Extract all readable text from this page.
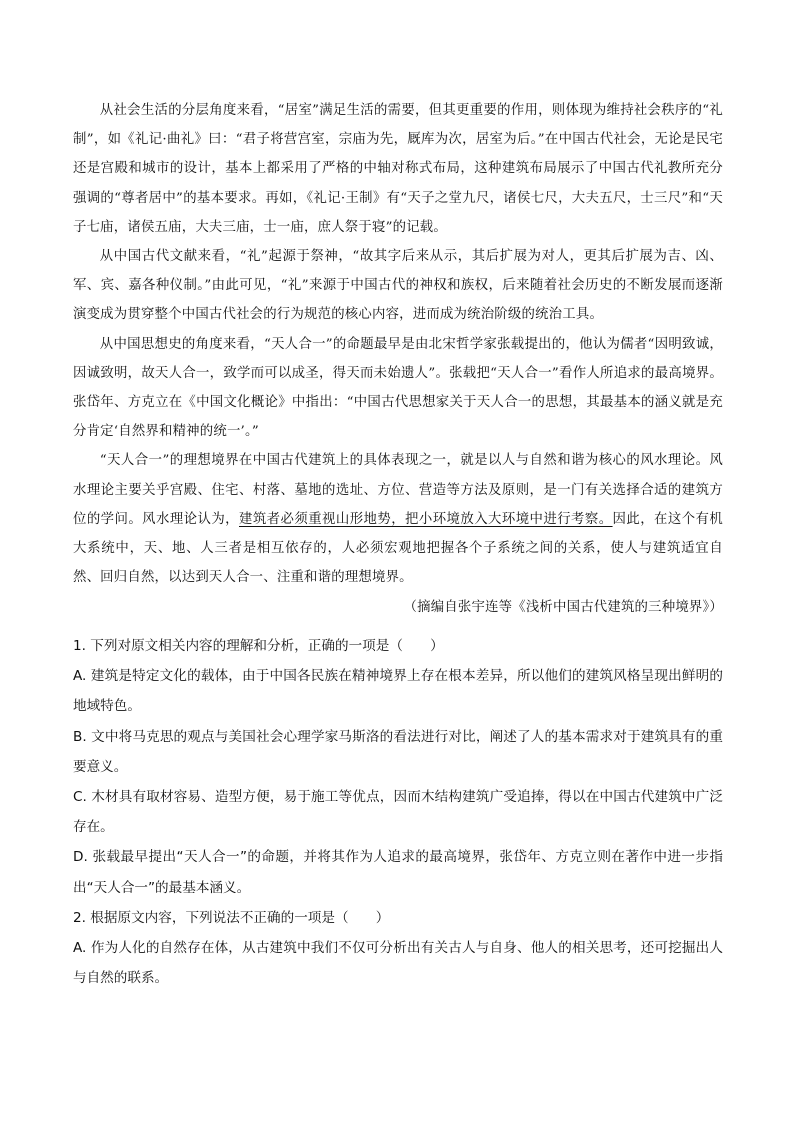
从社会生活的分层角度来看，“居室”满足生活的需要，但其更重要的作用，则体现为维持社会秩序的“礼制”，如《礼记·曲礼》曰：“君子将营宫室，宗庙为先，厩库为次，居室为后。”在中国古代社会，无论是民宅还是宫殿和城市的设计，基本上都采用了严格的中轴对称式布局，这种建筑布局展示了中国古代礼教所充分强调的“尊者居中”的基本要求。再如，《礼记·王制》有“天子之堂九尺，诸侯七尺，大夫五尺，士三尺”和“天子七庙，诸侯五庙，大夫三庙，士一庙，庶人祭于寝”的记载。

从中国古代文献来看，“礼”起源于祭神，“故其字后来从示，其后扩展为对人，更其后扩展为吉、凶、军、宾、嘉各种仪制。”由此可见，“礼”来源于中国古代的神权和族权，后来随着社会历史的不断发展而逐渐演变成为贯穿整个中国古代社会的行为规范的核心内容，进而成为统治阶级的统治工具。

从中国思想史的角度来看，“天人合一”的命题最早是由北宋哲学家张载提出的，他认为儒者“因明致诚，因诚致明，故天人合一，致学而可以成圣，得天而未始遗人”。张载把“天人合一”看作人所追求的最高境界。张岱年、方克立在《中国文化概论》中指出：“中国古代思想家关于天人合一的思想，其最基本的涵义就是充分肯定‘自然界和精神的统一’。”

“天人合一”的理想境界在中国古代建筑上的具体表现之一，就是以人与自然和谐为核心的风水理论。风水理论主要关乎宫殿、住宅、村落、墓地的选址、方位、营造等方法及原则，是一门有关选择合适的建筑方位的学问。风水理论认为，建筑者必须重视山形地势，把小环境放入大环境中进行考察。因此，在这个有机大系统中，天、地、人三者是相互依存的，人必须宏观地把握各个子系统之间的关系，使人与建筑适宜自然、回归自然，以达到天人合一、注重和谐的理想境界。

（摘编自张宇连等《浅析中国古代建筑的三种境界》）

1. 下列对原文相关内容的理解和分析，正确的一项是（　　）

A. 建筑是特定文化的载体，由于中国各民族在精神境界上存在根本差异，所以他们的建筑风格呈现出鲜明的地域特色。

B. 文中将马克思的观点与美国社会心理学家马斯洛的看法进行对比，阐述了人的基本需求对于建筑具有的重要意义。

C. 木材具有取材容易、造型方便，易于施工等优点，因而木结构建筑广受追捧，得以在中国古代建筑中广泛存在。

D. 张载最早提出“天人合一”的命题，并将其作为人追求的最高境界，张岱年、方克立则在著作中进一步指出“天人合一”的最基本涵义。

2. 根据原文内容，下列说法不正确的一项是（　　）

A. 作为人化的自然存在体，从古建筑中我们不仅可分析出有关古人与自身、他人的相关思考，还可挖掘出人与自然的联系。
